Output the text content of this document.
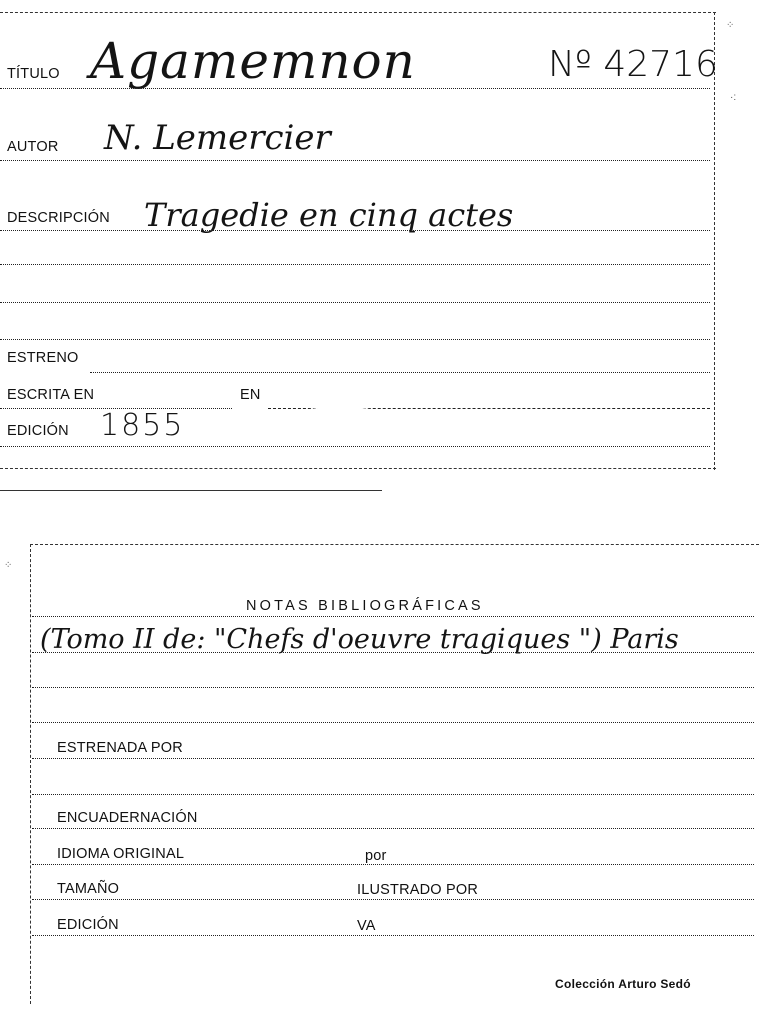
TÍTULO Agamemnon	Nº 42716
AUTOR N. Lemercier
DESCRIPCIÓN Tragedie en cinq actes
ESTRENO
ESCRITA EN	EN
EDICIÓN 1855
⁘
·:
⁘
NOTAS BIBLIOGRÁFICAS
(Tomo II de: "Chefs d'oeuvre tragiques ") Paris
ESTRENADA POR
ENCUADERNACIÓN
IDIOMA ORIGINAL	por
TAMAÑO	ILUSTRADO POR
EDICIÓN	VA
Colección Arturo Sedó
